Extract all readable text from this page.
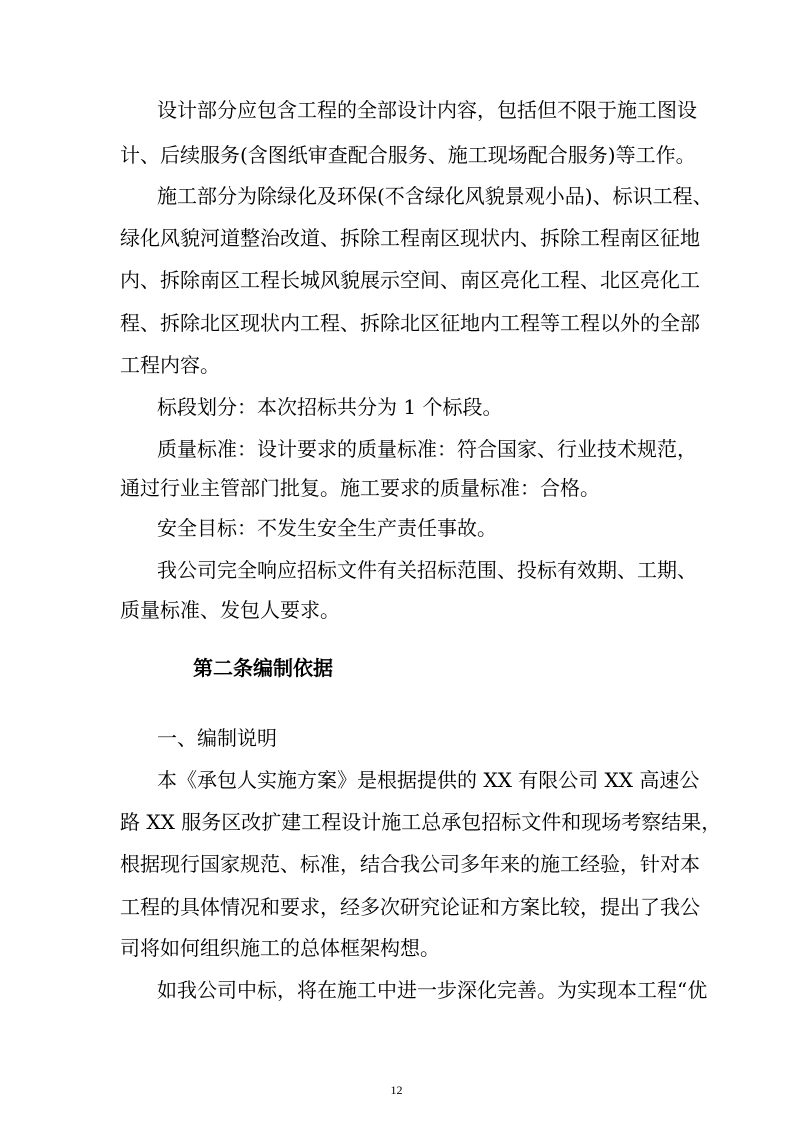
设计部分应包含工程的全部设计内容，包括但不限于施工图设
计、后续服务(含图纸审查配合服务、施工现场配合服务)等工作。
施工部分为除绿化及环保(不含绿化风貌景观小品)、标识工程、
绿化风貌河道整治改道、拆除工程南区现状内、拆除工程南区征地
内、拆除南区工程长城风貌展示空间、南区亮化工程、北区亮化工
程、拆除北区现状内工程、拆除北区征地内工程等工程以外的全部
工程内容。
标段划分：本次招标共分为 1 个标段。
质量标准：设计要求的质量标准：符合国家、行业技术规范，
通过行业主管部门批复。施工要求的质量标准：合格。
安全目标：不发生安全生产责任事故。
我公司完全响应招标文件有关招标范围、投标有效期、工期、
质量标准、发包人要求。
第二条编制依据
一、编制说明
本《承包人实施方案》是根据提供的 XX 有限公司 XX 高速公
路 XX 服务区改扩建工程设计施工总承包招标文件和现场考察结果，
根据现行国家规范、标准，结合我公司多年来的施工经验，针对本
工程的具体情况和要求，经多次研究论证和方案比较，提出了我公
司将如何组织施工的总体框架构想。
如我公司中标，将在施工中进一步深化完善。为实现本工程“优
12
